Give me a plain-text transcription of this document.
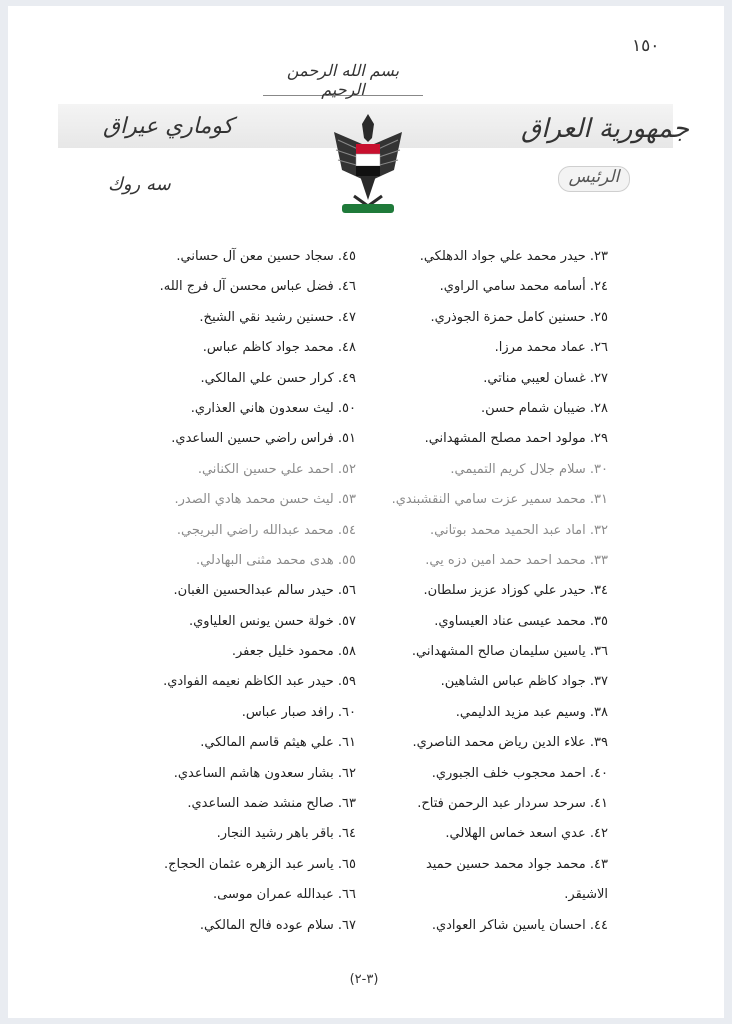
١٥٠
بسم الله الرحمن الرحيم
جمهورية العراق
كوماري عيراق
الرئيس
سه روك
٢٣. حيدر محمد علي جواد الدهلكي.
٢٤. أسامه محمد سامي الراوي.
٢٥. حسنين كامل حمزة الجوذري.
٢٦. عماد محمد مرزا.
٢٧. غسان لعيبي مناتي.
٢٨. ضيبان شمام حسن.
٢٩. مولود احمد مصلح المشهداني.
٣٠. سلام جلال كريم التميمي.
٣١. محمد سمير عزت سامي النقشبندي.
٣٢. اماد عبد الحميد محمد بوتاني.
٣٣. محمد احمد حمد امين دزه يي.
٣٤. حيدر علي كوزاد عزيز سلطان.
٣٥. محمد عيسى عناد العيساوي.
٣٦. ياسين سليمان صالح المشهداني.
٣٧. جواد كاظم عباس الشاهين.
٣٨. وسيم عبد مزيد الدليمي.
٣٩. علاء الدين رياض محمد الناصري.
٤٠. احمد محجوب خلف الجبوري.
٤١. سرحد سردار عبد الرحمن فتاح.
٤٢. عدي اسعد خماس الهلالي.
٤٣. محمد جواد محمد حسين حميد
الاشيقر.
٤٤. احسان ياسين شاكر العوادي.
٤٥. سجاد حسين معن آل حساني.
٤٦. فضل عباس محسن آل فرج الله.
٤٧. حسنين رشيد نقي الشيخ.
٤٨. محمد جواد كاظم عباس.
٤٩. كرار حسن علي المالكي.
٥٠. ليث سعدون هاني العذاري.
٥١. فراس راضي حسين الساعدي.
٥٢. احمد علي حسين الكناني.
٥٣. ليث حسن محمد هادي الصدر.
٥٤. محمد عبدالله راضي البريجي.
٥٥. هدى محمد مثنى البهادلي.
٥٦. حيدر سالم عبدالحسين الغبان.
٥٧. خولة حسن يونس العلياوي.
٥٨. محمود خليل جعفر.
٥٩. حيدر عبد الكاظم نعيمه الفوادي.
٦٠. رافد صبار عباس.
٦١. علي هيثم قاسم المالكي.
٦٢. بشار سعدون هاشم الساعدي.
٦٣. صالح منشد ضمد الساعدي.
٦٤. باقر باهر رشيد النجار.
٦٥. ياسر عبد الزهره عثمان الحجاج.
٦٦. عبدالله عمران موسى.
٦٧. سلام عوده فالح المالكي.
(٣-٢)
